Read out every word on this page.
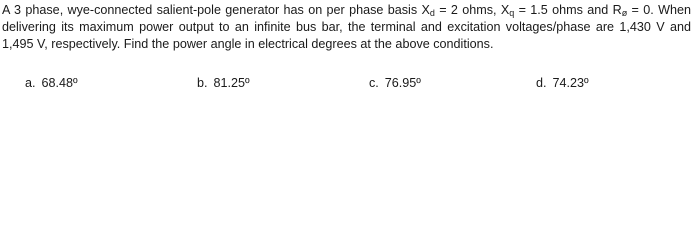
A 3 phase, wye-connected salient-pole generator has on per phase basis $X_d = 2$ ohms, $X_q = 1.5$ ohms and $R_ø = 0$. When delivering its maximum power output to an infinite bus bar, the terminal and excitation voltages/phase are 1,430 V and 1,495 V, respectively. Find the power angle in electrical degrees at the above conditions.
a. 68.48º	b. 81.25º	c. 76.95º	d. 74.23º
